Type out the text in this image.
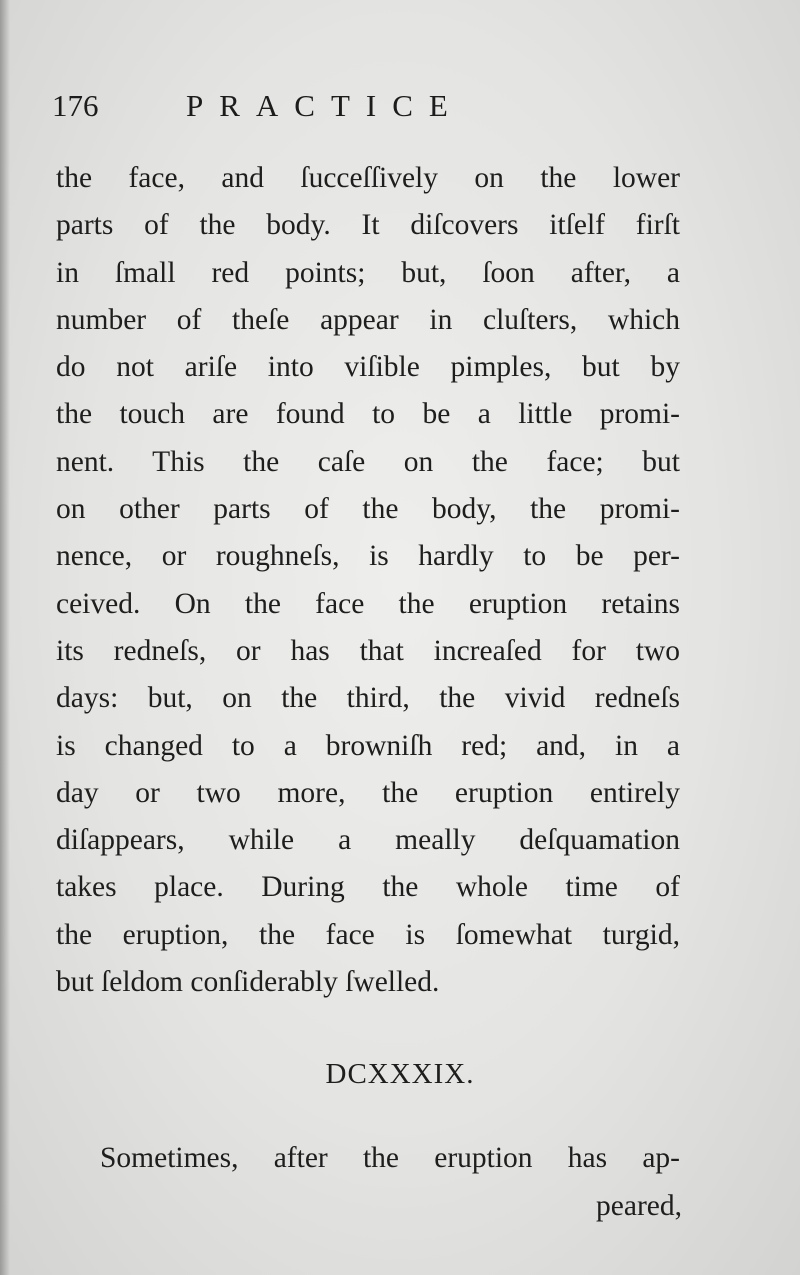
176	PRACTICE
the face, and ſucceſſively on the lower
parts of the body. It diſcovers itſelf firſt
in ſmall red points; but, ſoon after, a
number of theſe appear in cluſters, which
do not ariſe into viſible pimples, but by
the touch are found to be a little promi-
nent. This the caſe on the face; but
on other parts of the body, the promi-
nence, or roughneſs, is hardly to be per-
ceived. On the face the eruption retains
its redneſs, or has that increaſed for two
days: but, on the third, the vivid redneſs
is changed to a browniſh red; and, in a
day or two more, the eruption entirely
diſappears, while a meally deſquamation
takes place. During the whole time of
the eruption, the face is ſomewhat turgid,
but ſeldom conſiderably ſwelled.
DCXXXIX.
Sometimes, after the eruption has ap-
peared,
